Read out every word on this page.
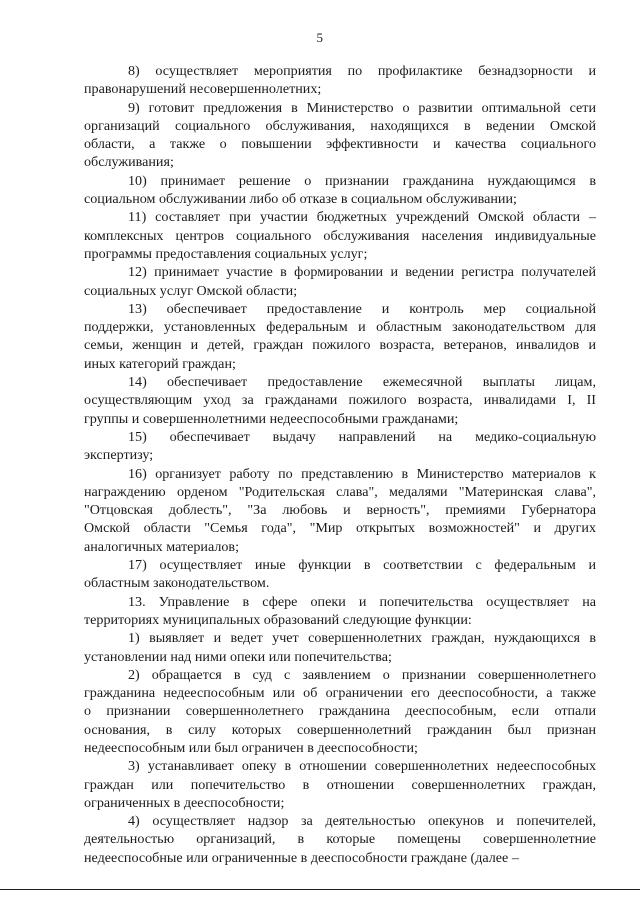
5
8) осуществляет мероприятия по профилактике безнадзорности и
правонарушений несовершеннолетних;
9) готовит предложения в Министерство о развитии оптимальной сети
организаций социального обслуживания, находящихся в ведении Омской
области, а также о повышении эффективности и качества социального
обслуживания;
10) принимает решение о признании гражданина нуждающимся в
социальном обслуживании либо об отказе в социальном обслуживании;
11) составляет при участии бюджетных учреждений Омской области –
комплексных центров социального обслуживания населения индивидуальные
программы предоставления социальных услуг;
12) принимает участие в формировании и ведении регистра получателей
социальных услуг Омской области;
13) обеспечивает предоставление и контроль мер социальной
поддержки, установленных федеральным и областным законодательством для
семьи, женщин и детей, граждан пожилого возраста, ветеранов, инвалидов и
иных категорий граждан;
14) обеспечивает предоставление ежемесячной выплаты лицам,
осуществляющим уход за гражданами пожилого возраста, инвалидами I, II
группы и совершеннолетними недееспособными гражданами;
15) обеспечивает выдачу направлений на медико-социальную
экспертизу;
16) организует работу по представлению в Министерство материалов к
награждению орденом "Родительская слава", медалями "Материнская слава",
"Отцовская доблесть", "За любовь и верность", премиями Губернатора
Омской области "Семья года", "Мир открытых возможностей" и других
аналогичных материалов;
17) осуществляет иные функции в соответствии с федеральным и
областным законодательством.
13. Управление в сфере опеки и попечительства осуществляет на
территориях муниципальных образований следующие функции:
1) выявляет и ведет учет совершеннолетних граждан, нуждающихся в
установлении над ними опеки или попечительства;
2) обращается в суд с заявлением о признании совершеннолетнего
гражданина недееспособным или об ограничении его дееспособности, а также
о признании совершеннолетнего гражданина дееспособным, если отпали
основания, в силу которых совершеннолетний гражданин был признан
недееспособным или был ограничен в дееспособности;
3) устанавливает опеку в отношении совершеннолетних недееспособных
граждан или попечительство в отношении совершеннолетних граждан,
ограниченных в дееспособности;
4) осуществляет надзор за деятельностью опекунов и попечителей,
деятельностью организаций, в которые помещены совершеннолетние
недееспособные или ограниченные в дееспособности граждане (далее –
